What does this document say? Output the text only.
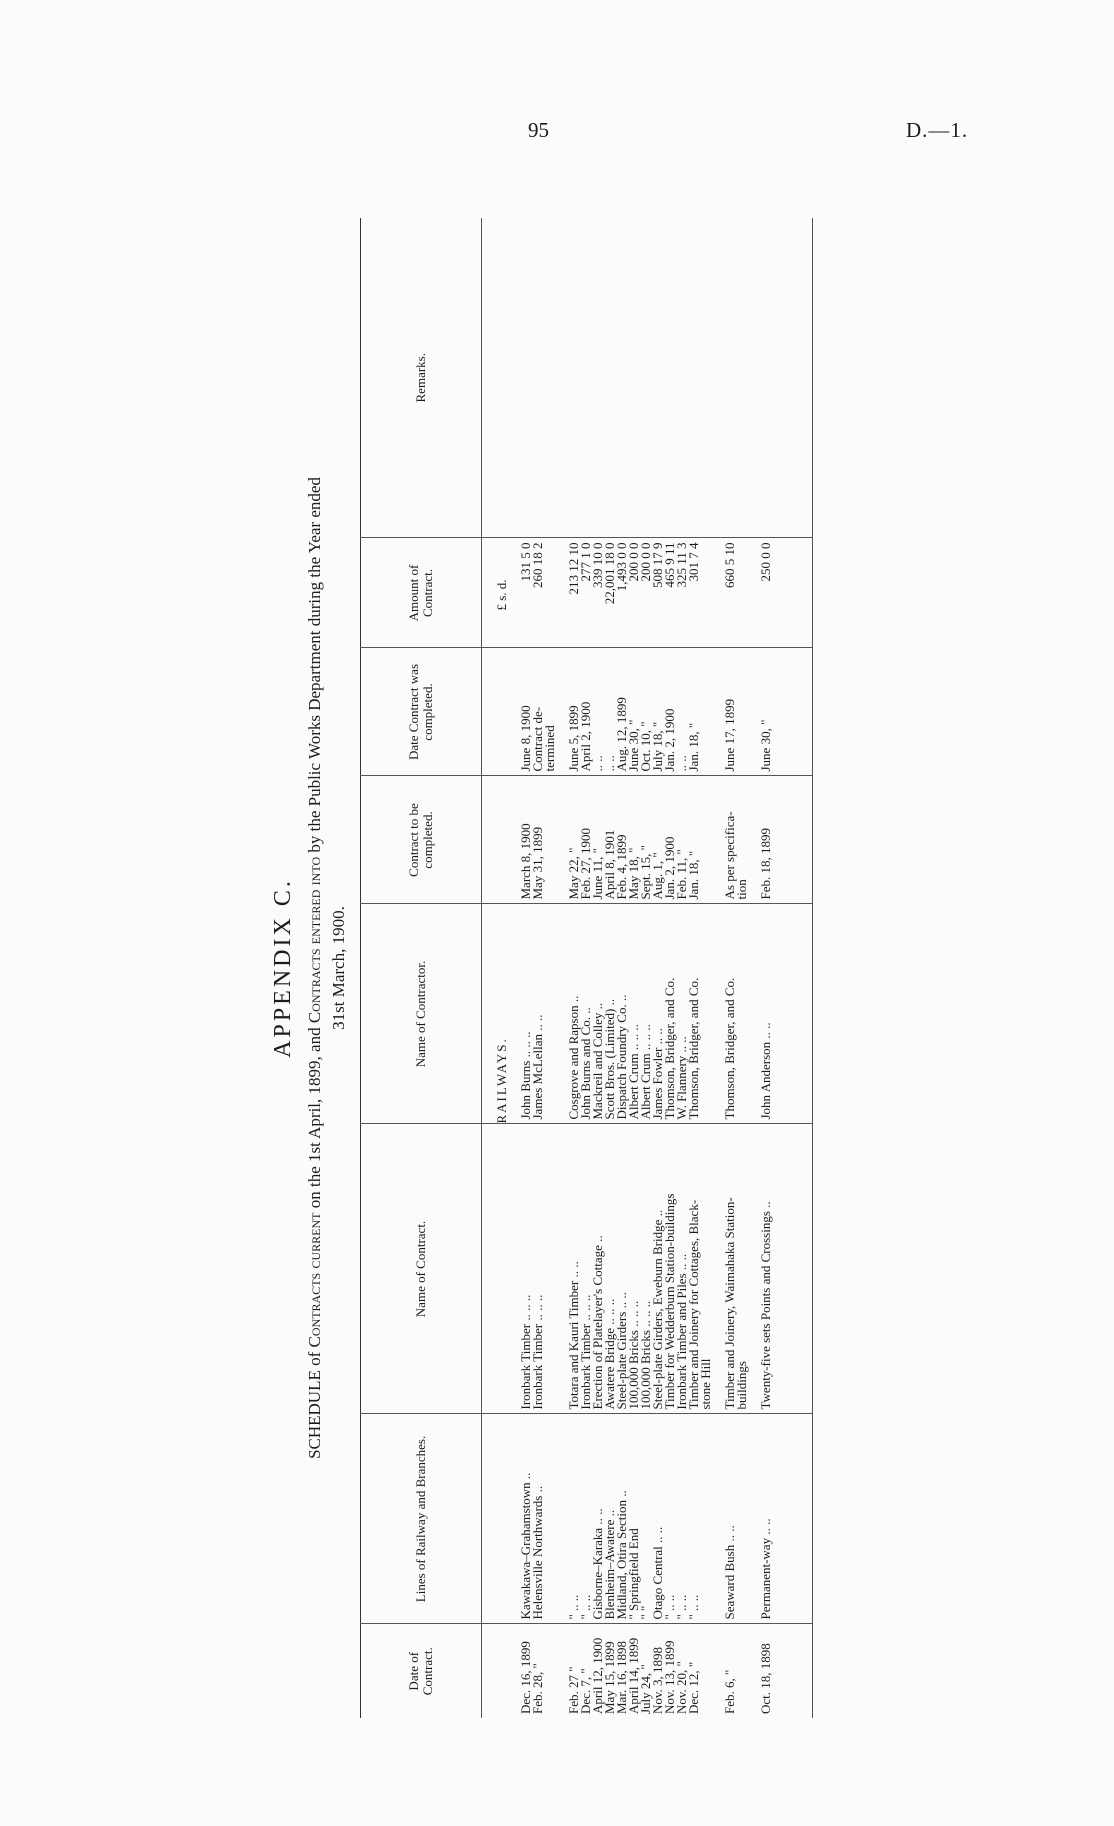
95	D.—1.
APPENDIX C.
SCHEDULE of Contracts current on the 1st April, 1899, and Contracts entered into by the Public Works Department during the Year ended
31st March, 1900.
Date of Contract.	Lines of Railway and Branches.	Name of Contract.	Name of Contractor.	Contract to be completed.	Date Contract was completed.	Amount of Contract.	Remarks.
			RAILWAYS.			£ s. d.	
Dec. 16, 1899	Kawakawa–Grahamstown ..	Ironbark Timber .. .. ..	John Burns .. .. ..	March 8, 1900	June 8, 1900	131 5 0	
Feb. 28, "	Helensville Northwards ..	Ironbark Timber .. .. ..	James McLellan .. ..	May 31, 1899	Contract de-	260 18 2	
					termined		

Feb. 27 "	" .. ..	Totara and Kauri Timber .. ..	Cosgrove and Rapson ..	May 22, "	June 5, 1899	213 12 10	
Dec. 7, "	" .. ..	Ironbark Timber .. .. ..	John Burns and Co. ..	Feb. 27, 1900	April 2, 1900	277 1 0	
April 12, 1900	Gisborne–Karaka .. ..	Erection of Platelayer's Cottage ..	Mackreil and Colley ..	June 11, "	.. ..	339 10 0	
May 15, 1899	Blenheim–Awatere ..	Awatere Bridge .. .. ..	Scott Bros. (Limited) ..	April 8, 1901	.. ..	22,001 18 0	
Mar. 16, 1898	Midland, Otira Section ..	Steel-plate Girders .. ..	Dispatch Foundry Co. ..	Feb. 4, 1899	Aug. 12, 1899	1,493 0 0	
April 14, 1899	" Springfield End	100,000 Bricks .. .. ..	Albert Crum .. .. ..	May 18, "	June 30, "	200 0 0	
July 24, "	" "	100,000 Bricks .. .. ..	Albert Crum .. .. ..	Sept. 15, "	Oct. 10, "	200 0 0	
Nov. 3, 1898	Otago Central .. ..	Steel-plate Girders, Eweburn Bridge ..	James Fowler .. ..	Aug. 1, "	July 18, "	508 17 9	
Nov. 13, 1899	" .. ..	Timber for Wedderburn Station-buildings	Thomson, Bridger, and Co.	Jan. 2, 1900	Jan. 2, 1900	465 9 11	
Nov. 20, "	" .. ..	Ironbark Timber and Piles .. ..	W. Flannery .. ..	Feb. 11, "	.. ..	325 11 3	
Dec. 12, "	" .. ..	Timber and Joinery for Cottages, Black-	Thomson, Bridger, and Co.	Jan. 18, "	Jan. 18, "	301 7 4	
		stone Hill					

Feb. 6, "	Seaward Bush .. ..	Timber and Joinery, Waimahaka Station-	Thomson, Bridger, and Co.	As per specifica-	June 17, 1899	660 5 10	
		buildings		tion			

Oct. 18, 1898	Permanent-way .. ..	Twenty-five sets Points and Crossings ..	John Anderson .. ..	Feb. 18, 1899	June 30, "	250 0 0	
